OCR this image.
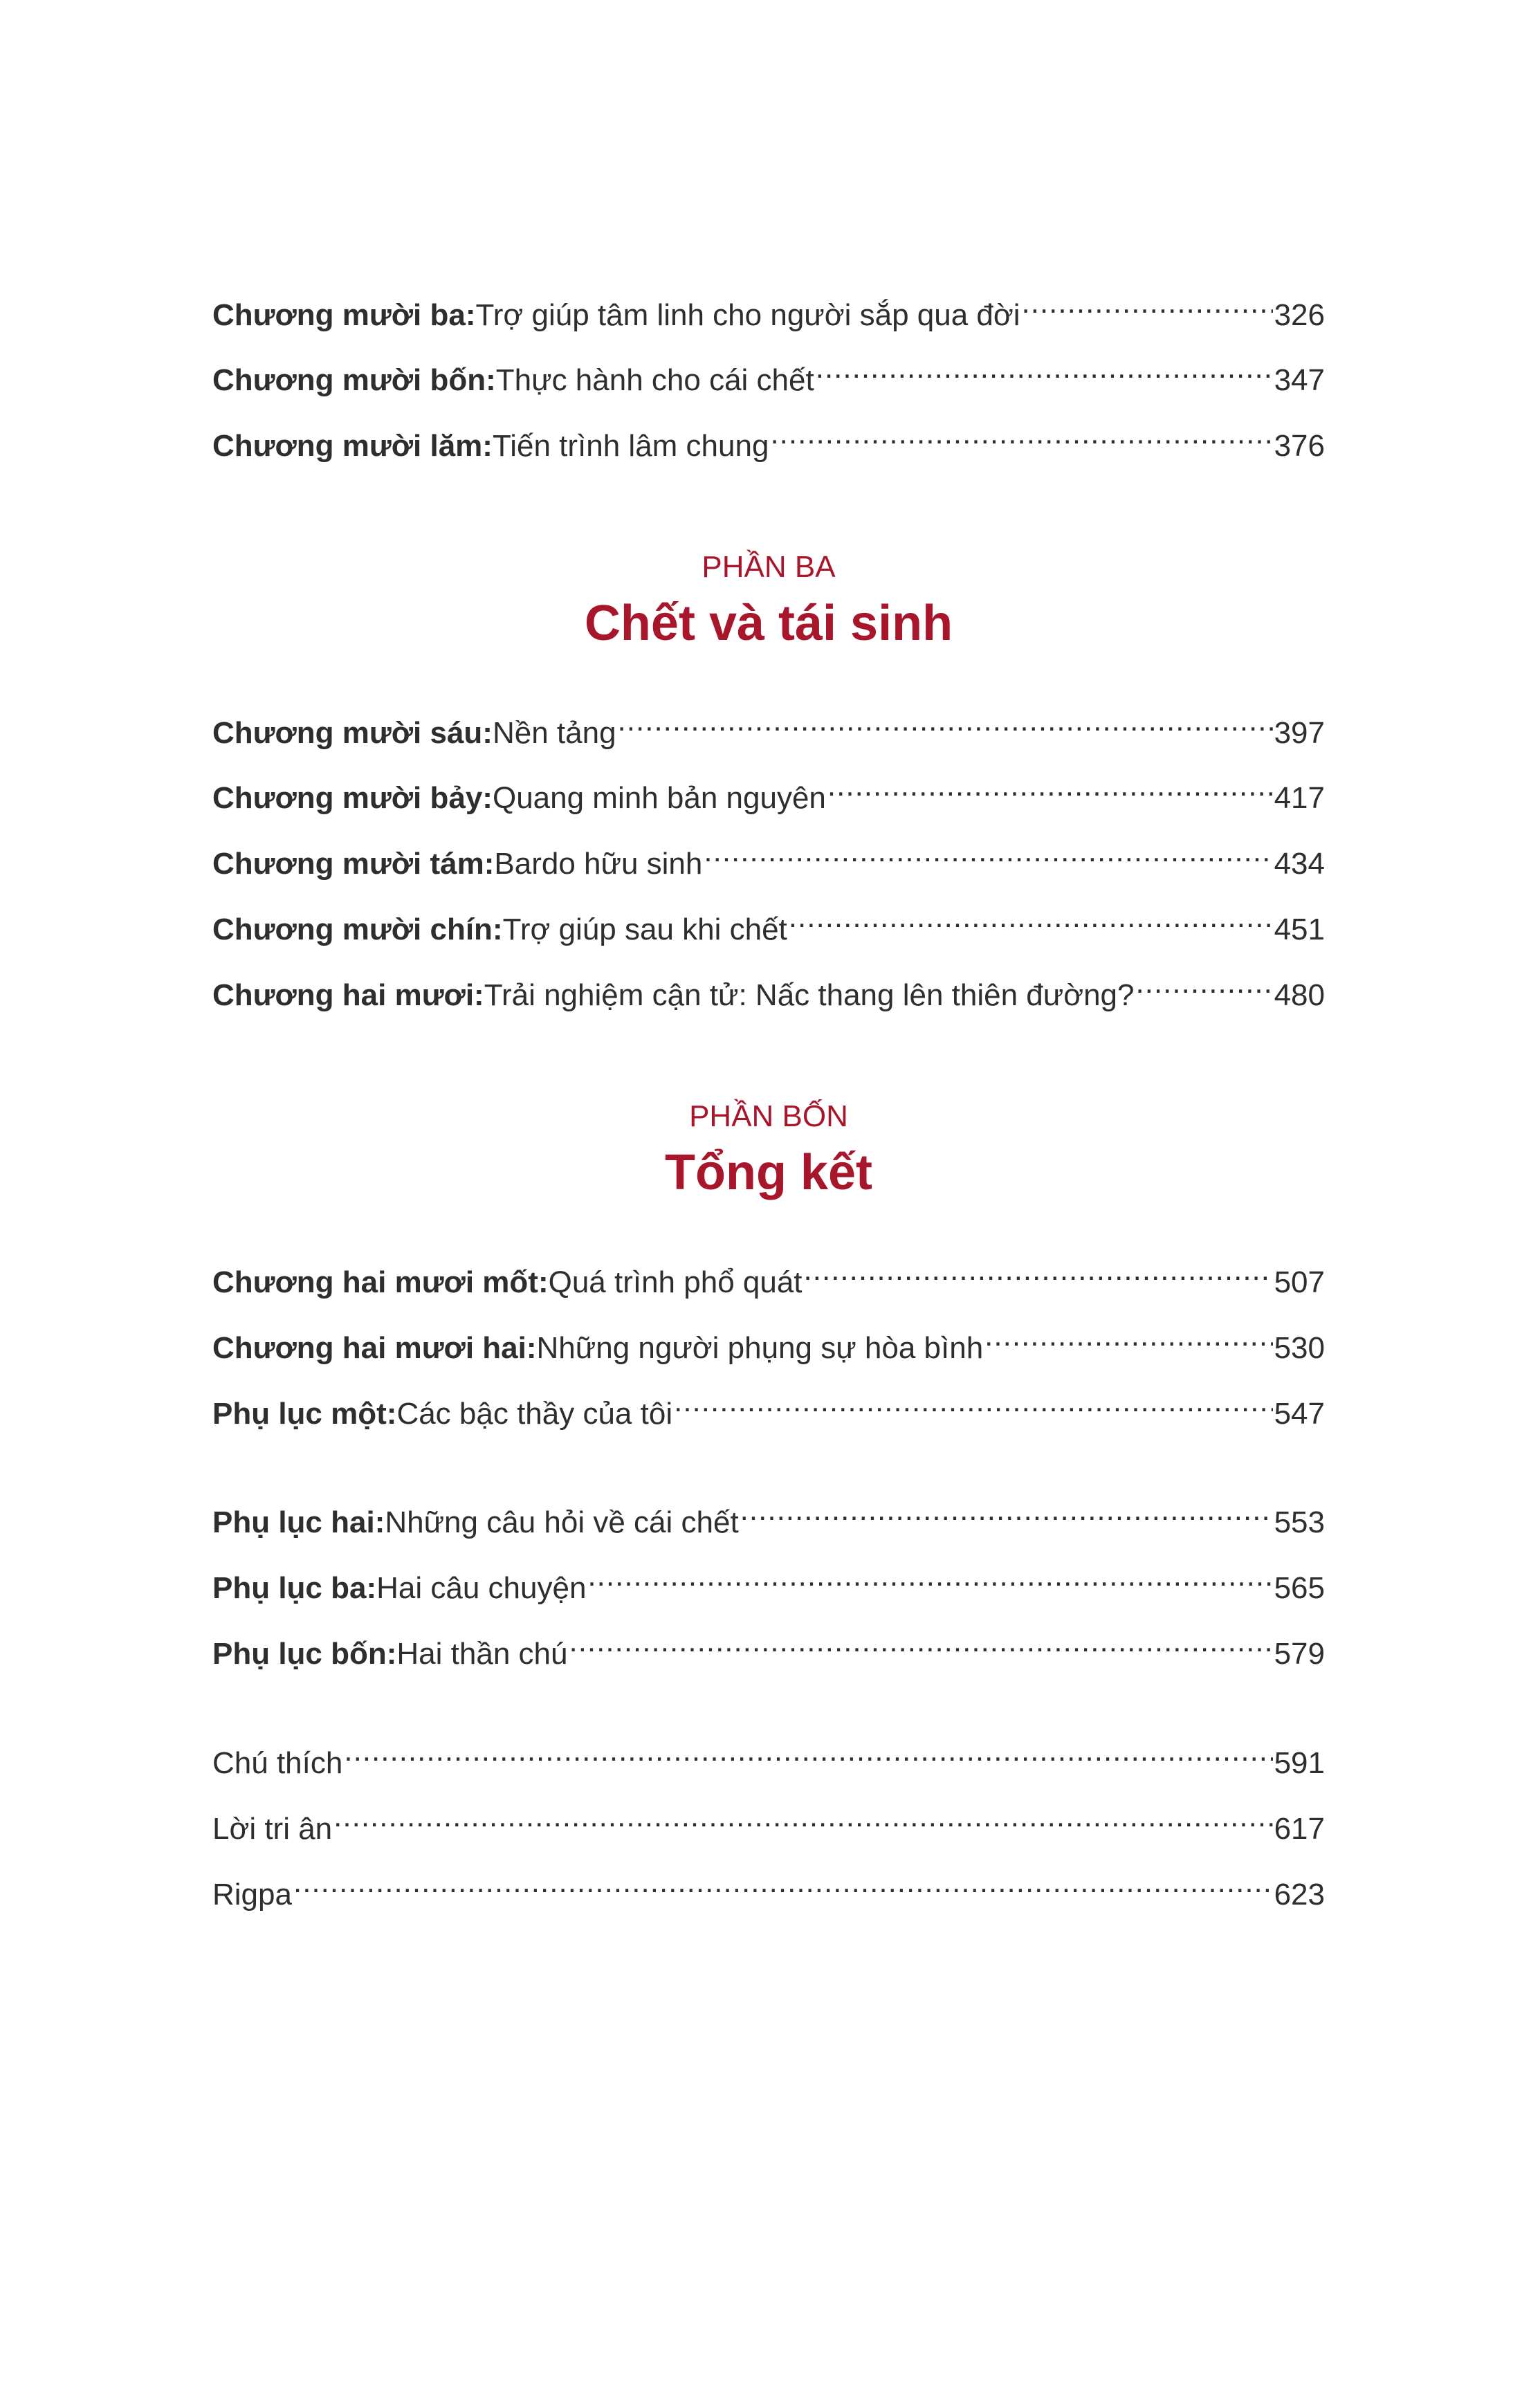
Chương mười ba: Trợ giúp tâm linh cho người sắp qua đời .....	326
Chương mười bốn: Thực hành cho cái chết .....	347
Chương mười lăm: Tiến trình lâm chung .....	376
PHẦN BA
Chết và tái sinh
Chương mười sáu: Nền tảng .....	397
Chương mười bảy: Quang minh bản nguyên .....	417
Chương mười tám: Bardo hữu sinh .....	434
Chương mười chín: Trợ giúp sau khi chết .....	451
Chương hai mươi: Trải nghiệm cận tử: Nấc thang lên thiên đường? .....	480
PHẦN BỐN
Tổng kết
Chương hai mươi mốt: Quá trình phổ quát .....	507
Chương hai mươi hai: Những người phụng sự hòa bình .....	530
Phụ lục một: Các bậc thầy của tôi .....	547
Phụ lục hai: Những câu hỏi về cái chết .....	553
Phụ lục ba: Hai câu chuyện .....	565
Phụ lục bốn: Hai thần chú .....	579
Chú thích .....	591
Lời tri ân .....	617
Rigpa .....	623
